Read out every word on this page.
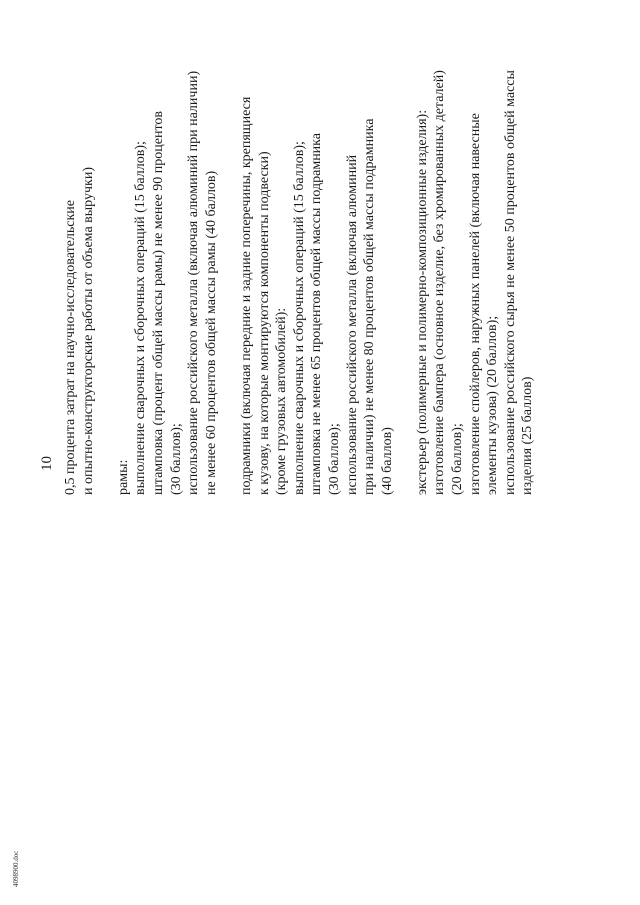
10 0,5 процента затрат на научно-исследовательские и опытно-конструкторские работы от объема выручки) рамы: выполнение сварочных и сборочных операций (15 баллов); штамповка (процент общей массы рамы) не менее 90 процентов (30 баллов); использование российского металла (включая алюминий при наличии) не менее 60 процентов общей массы рамы (40 баллов) подрамники (включая передние и задние поперечины, крепящиеся к кузову, на которые монтируются компоненты подвески) (кроме грузовых автомобилей): выполнение сварочных и сборочных операций (15 баллов); штамповка не менее 65 процентов общей массы подрамника (30 баллов); использование российского металла (включая алюминий при наличии) не менее 80 процентов общей массы подрамника (40 баллов) экстерьер (полимерные и полимерно-композиционные изделия): изготовление бампера (основное изделие, без хромированных деталей) (20 баллов); изготовление спойлеров, наружных панелей (включая навесные элементы кузова) (20 баллов); использование российского сырья не менее 50 процентов общей массы изделия (25 баллов)

4098900.doc
